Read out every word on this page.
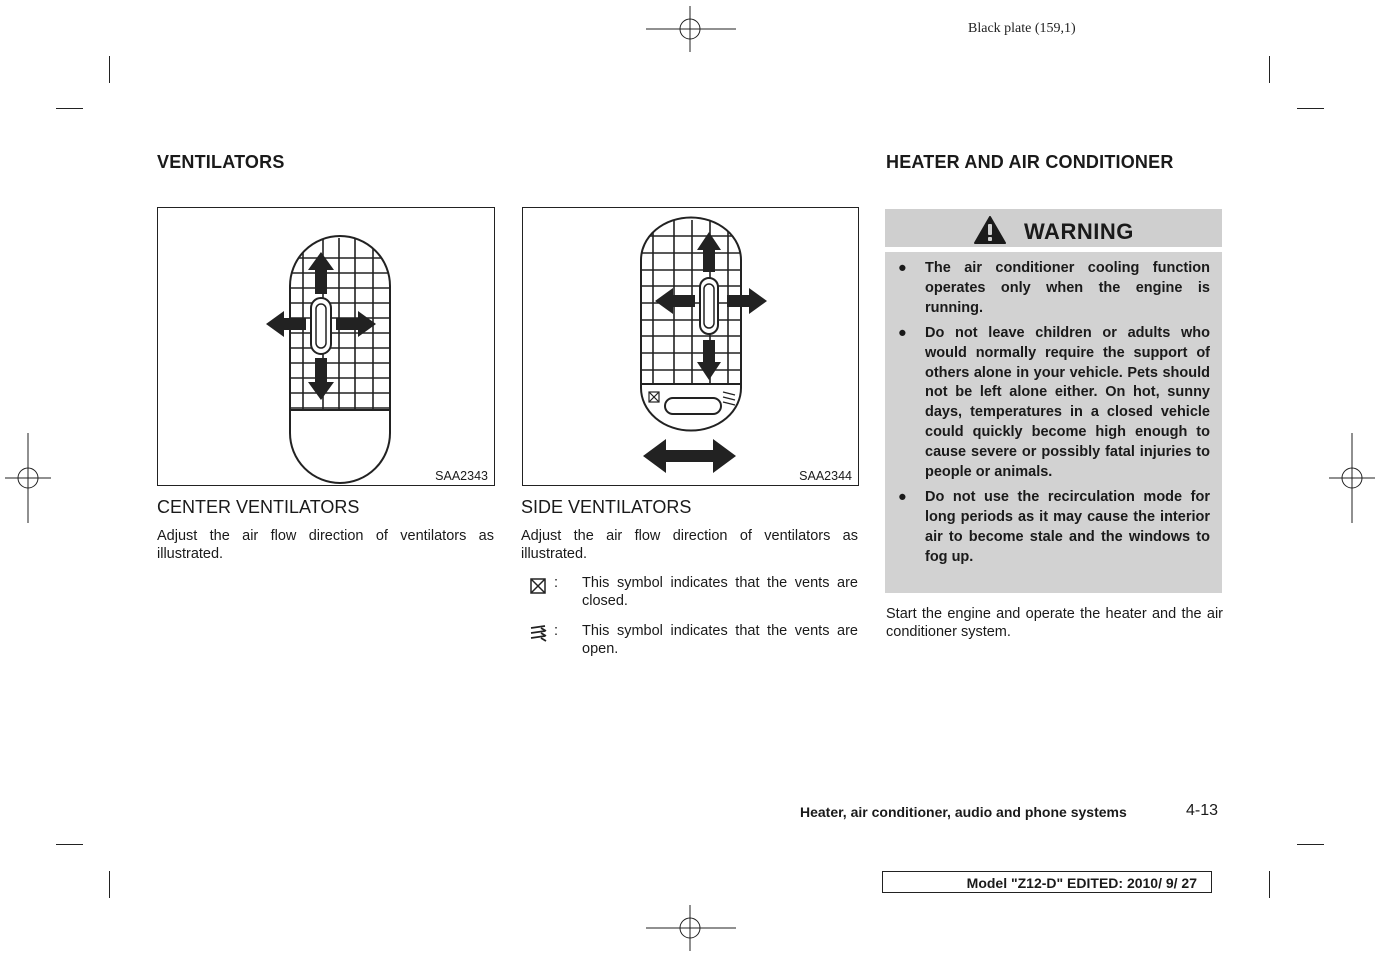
Black plate (159,1)
VENTILATORS
SAA2343
CENTER VENTILATORS
Adjust the air flow direction of ventilators as illustrated.
SAA2344
SIDE VENTILATORS
Adjust the air flow direction of ventilators as illustrated.
: This symbol indicates that the vents are closed.
: This symbol indicates that the vents are open.
HEATER AND AIR CONDITIONER
WARNING
● The air conditioner cooling function operates only when the engine is running.
● Do not leave children or adults who would normally require the support of others alone in your vehicle. Pets should not be left alone either. On hot, sunny days, temperatures in a closed vehicle could quickly become high enough to cause severe or possibly fatal injuries to people or animals.
● Do not use the recirculation mode for long periods as it may cause the interior air to become stale and the windows to fog up.
Start the engine and operate the heater and the air conditioner system.
Heater, air conditioner, audio and phone systems	4-13
Model "Z12-D" EDITED: 2010/ 9/ 27
